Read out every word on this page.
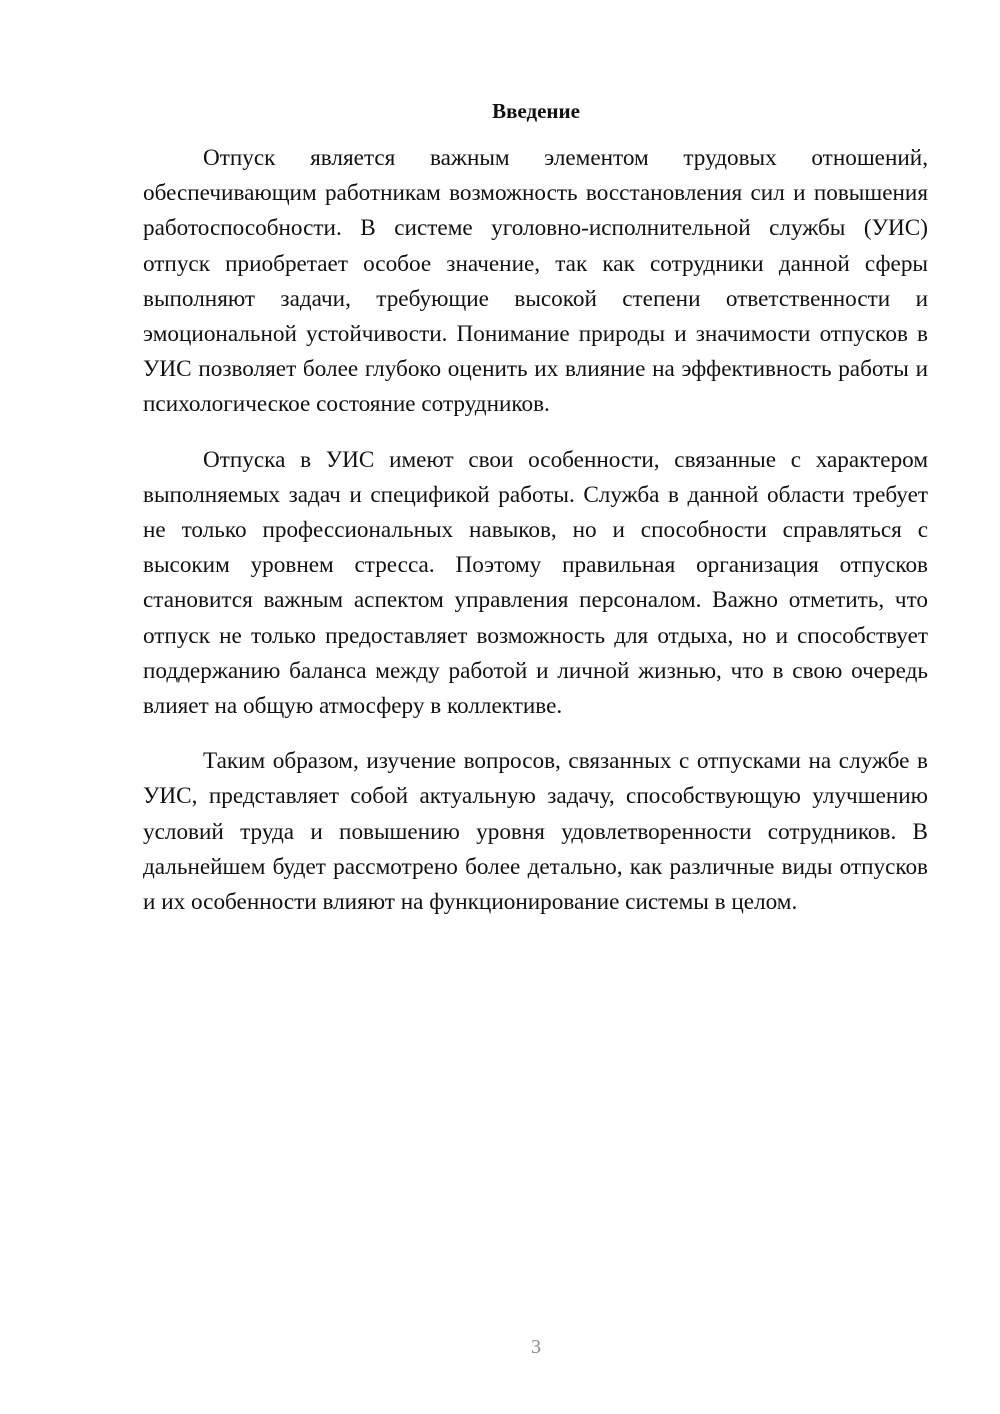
Введение

Отпуск является важным элементом трудовых отношений, обеспечивающим работникам возможность восстановления сил и повышения работоспособности. В системе уголовно-исполнительной службы (УИС) отпуск приобретает особое значение, так как сотрудники данной сферы выполняют задачи, требующие высокой степени ответственности и эмоциональной устойчивости. Понимание природы и значимости отпусков в УИС позволяет более глубоко оценить их влияние на эффективность работы и психологическое состояние сотрудников.

Отпуска в УИС имеют свои особенности, связанные с характером выполняемых задач и спецификой работы. Служба в данной области требует не только профессиональных навыков, но и способности справляться с высоким уровнем стресса. Поэтому правильная организация отпусков становится важным аспектом управления персоналом. Важно отметить, что отпуск не только предоставляет возможность для отдыха, но и способствует поддержанию баланса между работой и личной жизнью, что в свою очередь влияет на общую атмосферу в коллективе.

Таким образом, изучение вопросов, связанных с отпусками на службе в УИС, представляет собой актуальную задачу, способствующую улучшению условий труда и повышению уровня удовлетворенности сотрудников. В дальнейшем будет рассмотрено более детально, как различные виды отпусков и их особенности влияют на функционирование системы в целом.

3
